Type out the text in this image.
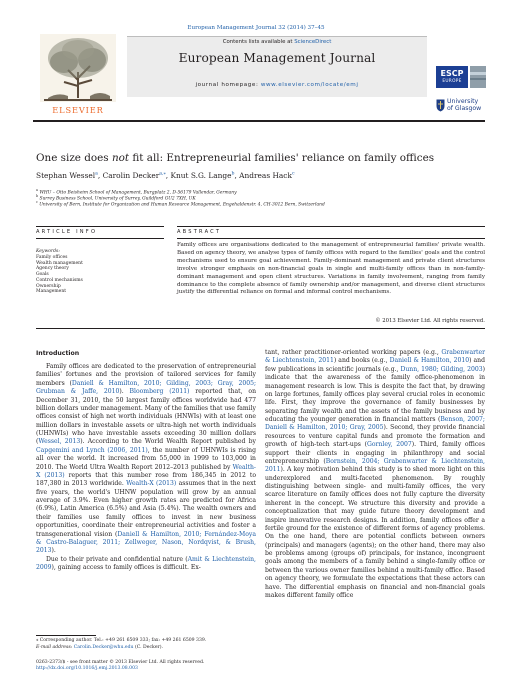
European Management Journal 32 (2014) 37–45
ELSEVIER
Contents lists available at ScienceDirect
European Management Journal
journal homepage: www.elsevier.com/locate/emj
ESCP
EUROPE
University
of Glasgow
One size does not fit all: Entrepreneurial families' reliance on family offices
Stephan Wessel$^a$, Carolin Decker$^{a,⁎}$, Knut S.G. Lange$^b$, Andreas Hack$^c$
$^a$ WHU – Otto Beisheim School of Management, Burgplatz 2, D-56179 Vallendar, Germany
$^b$ Surrey Business School, University of Surrey, Guildford GU2 7XH, UK
$^c$ University of Bern, Institute for Organization and Human Resource Management, Engehaldenstr. 4, CH-3012 Bern, Switzerland
ARTICLE INFO	ABSTRACT
Keywords:
Family offices
Wealth management
Agency theory
Goals
Control mechanisms
Ownership
Management
Family offices are organisations dedicated to the management of entrepreneurial families' private wealth. Based on agency theory, we analyse types of family offices with regard to the families' goals and the control mechanisms used to ensure goal achievement. Family-dominant management and private client structures involve stronger emphasis on non-financial goals in single and multi-family offices than in non-family-dominant management and open client structures. Variations in family involvement, ranging from family dominance to the complete absence of family ownership and/or management, and diverse client structures justify the differential reliance on formal and informal control mechanisms.
© 2013 Elsevier Ltd. All rights reserved.
Introduction

Family offices are dedicated to the preservation of entrepreneurial families' fortunes and the provision of tailored services for family members (Daniell & Hamilton, 2010; Gilding, 2003; Gray, 2005; Grubman & Jaffe, 2010). Bloomberg (2011) reported that, on December 31, 2010, the 50 largest family offices worldwide had 477 billion dollars under management. Many of the families that use family offices consist of high net worth individuals (HNWIs) with at least one million dollars in investable assets or ultra-high net worth individuals (UHNWIs) who have investable assets exceeding 30 million dollars (Wessel, 2013). According to the World Wealth Report published by Capgemini and Lynch (2006, 2011), the number of UHNWIs is rising all over the world. It increased from 55,000 in 1999 to 103,000 in 2010. The World Ultra Wealth Report 2012–2013 published by Wealth-X (2013) reports that this number rose from 186,345 in 2012 to 187,380 in 2013 worldwide. Wealth-X (2013) assumes that in the next five years, the world's UHNW population will grow by an annual average of 3.9%. Even higher growth rates are predicted for Africa (6.9%), Latin America (6.5%) and Asia (5.4%). The wealth owners and their families use family offices to invest in new business opportunities, coordinate their entrepreneurial activities and foster a transgenerational vision (Daniell & Hamilton, 2010; Fernández-Moya & Castro-Balaguer, 2011; Zellweger, Nason, Nordqvist, & Brush, 2013).

Due to their private and confidential nature (Amit & Liechtenstein, 2009), gaining access to family offices is difficult. Ex-

tant, rather practitioner-oriented working papers (e.g., Grabenwarter & Liechtenstein, 2011) and books (e.g., Daniell & Hamilton, 2010) and few publications in scientific journals (e.g., Dunn, 1980; Gilding, 2003) indicate that the awareness of the family office-phenomenon in management research is low. This is despite the fact that, by drawing on large fortunes, family offices play several crucial roles in economic life. First, they improve the governance of family businesses by separating family wealth and the assets of the family business and by educating the younger generation in financial matters (Benson, 2007; Daniell & Hamilton, 2010; Gray, 2005). Second, they provide financial resources to venture capital funds and promote the formation and growth of high-tech start-ups (Gornley, 2007). Third, family offices support their clients in engaging in philanthropy and social entrepreneurship (Bornstein, 2004; Grabenwarter & Liechtenstein, 2011). A key motivation behind this study is to shed more light on this underexplored and multi-faceted phenomenon. By roughly distinguishing between single- and multi-family offices, the very scarce literature on family offices does not fully capture the diversity inherent in the concept. We structure this diversity and provide a conceptualization that may guide future theory development and inspire innovative research designs. In addition, family offices offer a fertile ground for the existence of different forms of agency problems. On the one hand, there are potential conflicts between owners (principals) and managers (agents); on the other hand, there may also be problems among (groups of) principals, for instance, incongruent goals among the members of a family behind a single-family office or between the various owner families behind a multi-family office. Based on agency theory, we formulate the expectations that these actors can have. The differential emphasis on financial and non-financial goals makes different family office

⁎ Corresponding author. Tel.: +49 261 6509 333; fax: +49 261 6509 339.
E-mail address: Carolin.Decker@whu.edu (C. Decker).
0263-2373/$ - see front matter © 2013 Elsevier Ltd. All rights reserved.
http://dx.doi.org/10.1016/j.emj.2013.08.003
